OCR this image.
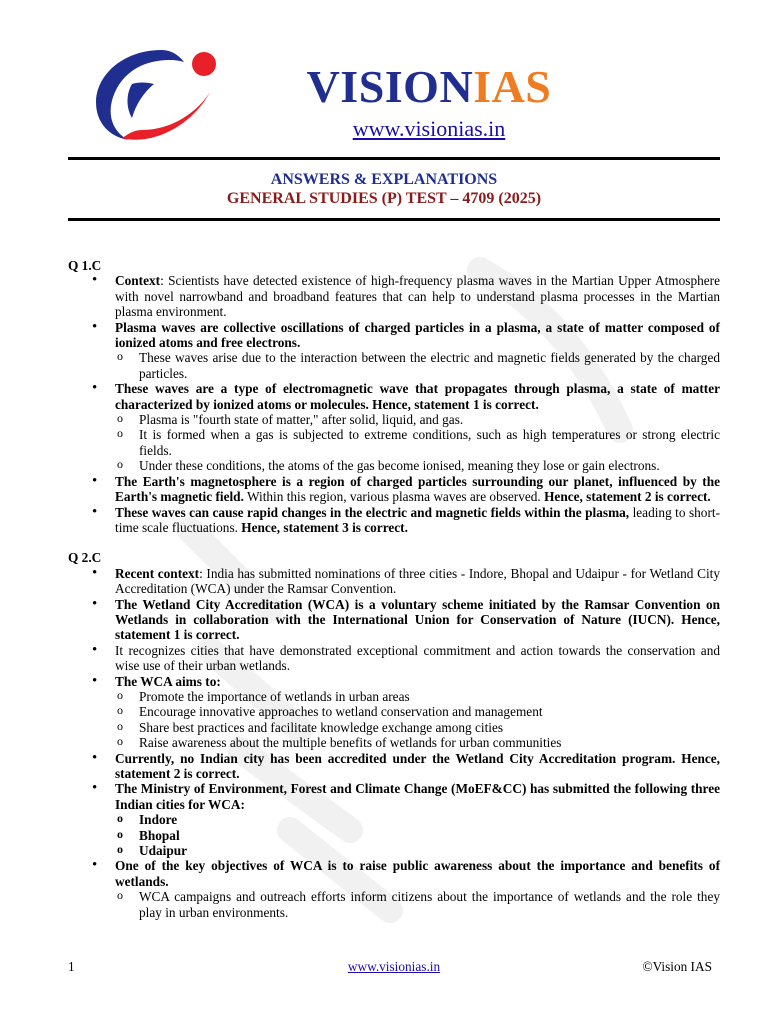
VISIONIAS
www.visionias.in
ANSWERS & EXPLANATIONS
GENERAL STUDIES (P) TEST – 4709 (2025)

Q 1.C

• Context: Scientists have detected existence of high-frequency plasma waves in the Martian Upper Atmosphere with novel narrowband and broadband features that can help to understand plasma processes in the Martian plasma environment.
• Plasma waves are collective oscillations of charged particles in a plasma, a state of matter composed of ionized atoms and free electrons.
o These waves arise due to the interaction between the electric and magnetic fields generated by the charged particles.
• These waves are a type of electromagnetic wave that propagates through plasma, a state of matter characterized by ionized atoms or molecules. Hence, statement 1 is correct.
o Plasma is "fourth state of matter," after solid, liquid, and gas.
o It is formed when a gas is subjected to extreme conditions, such as high temperatures or strong electric fields.
o Under these conditions, the atoms of the gas become ionised, meaning they lose or gain electrons.
• The Earth's magnetosphere is a region of charged particles surrounding our planet, influenced by the Earth's magnetic field. Within this region, various plasma waves are observed. Hence, statement 2 is correct.
• These waves can cause rapid changes in the electric and magnetic fields within the plasma, leading to short-time scale fluctuations. Hence, statement 3 is correct.

Q 2.C

• Recent context: India has submitted nominations of three cities - Indore, Bhopal and Udaipur - for Wetland City Accreditation (WCA) under the Ramsar Convention.
• The Wetland City Accreditation (WCA) is a voluntary scheme initiated by the Ramsar Convention on Wetlands in collaboration with the International Union for Conservation of Nature (IUCN). Hence, statement 1 is correct.
• It recognizes cities that have demonstrated exceptional commitment and action towards the conservation and wise use of their urban wetlands.
• The WCA aims to:
o Promote the importance of wetlands in urban areas
o Encourage innovative approaches to wetland conservation and management
o Share best practices and facilitate knowledge exchange among cities
o Raise awareness about the multiple benefits of wetlands for urban communities
• Currently, no Indian city has been accredited under the Wetland City Accreditation program. Hence, statement 2 is correct.
• The Ministry of Environment, Forest and Climate Change (MoEF&CC) has submitted the following three Indian cities for WCA:
o Indore
o Bhopal
o Udaipur
• One of the key objectives of WCA is to raise public awareness about the importance and benefits of wetlands.
o WCA campaigns and outreach efforts inform citizens about the importance of wetlands and the role they play in urban environments.
1	www.visionias.in	©Vision IAS
